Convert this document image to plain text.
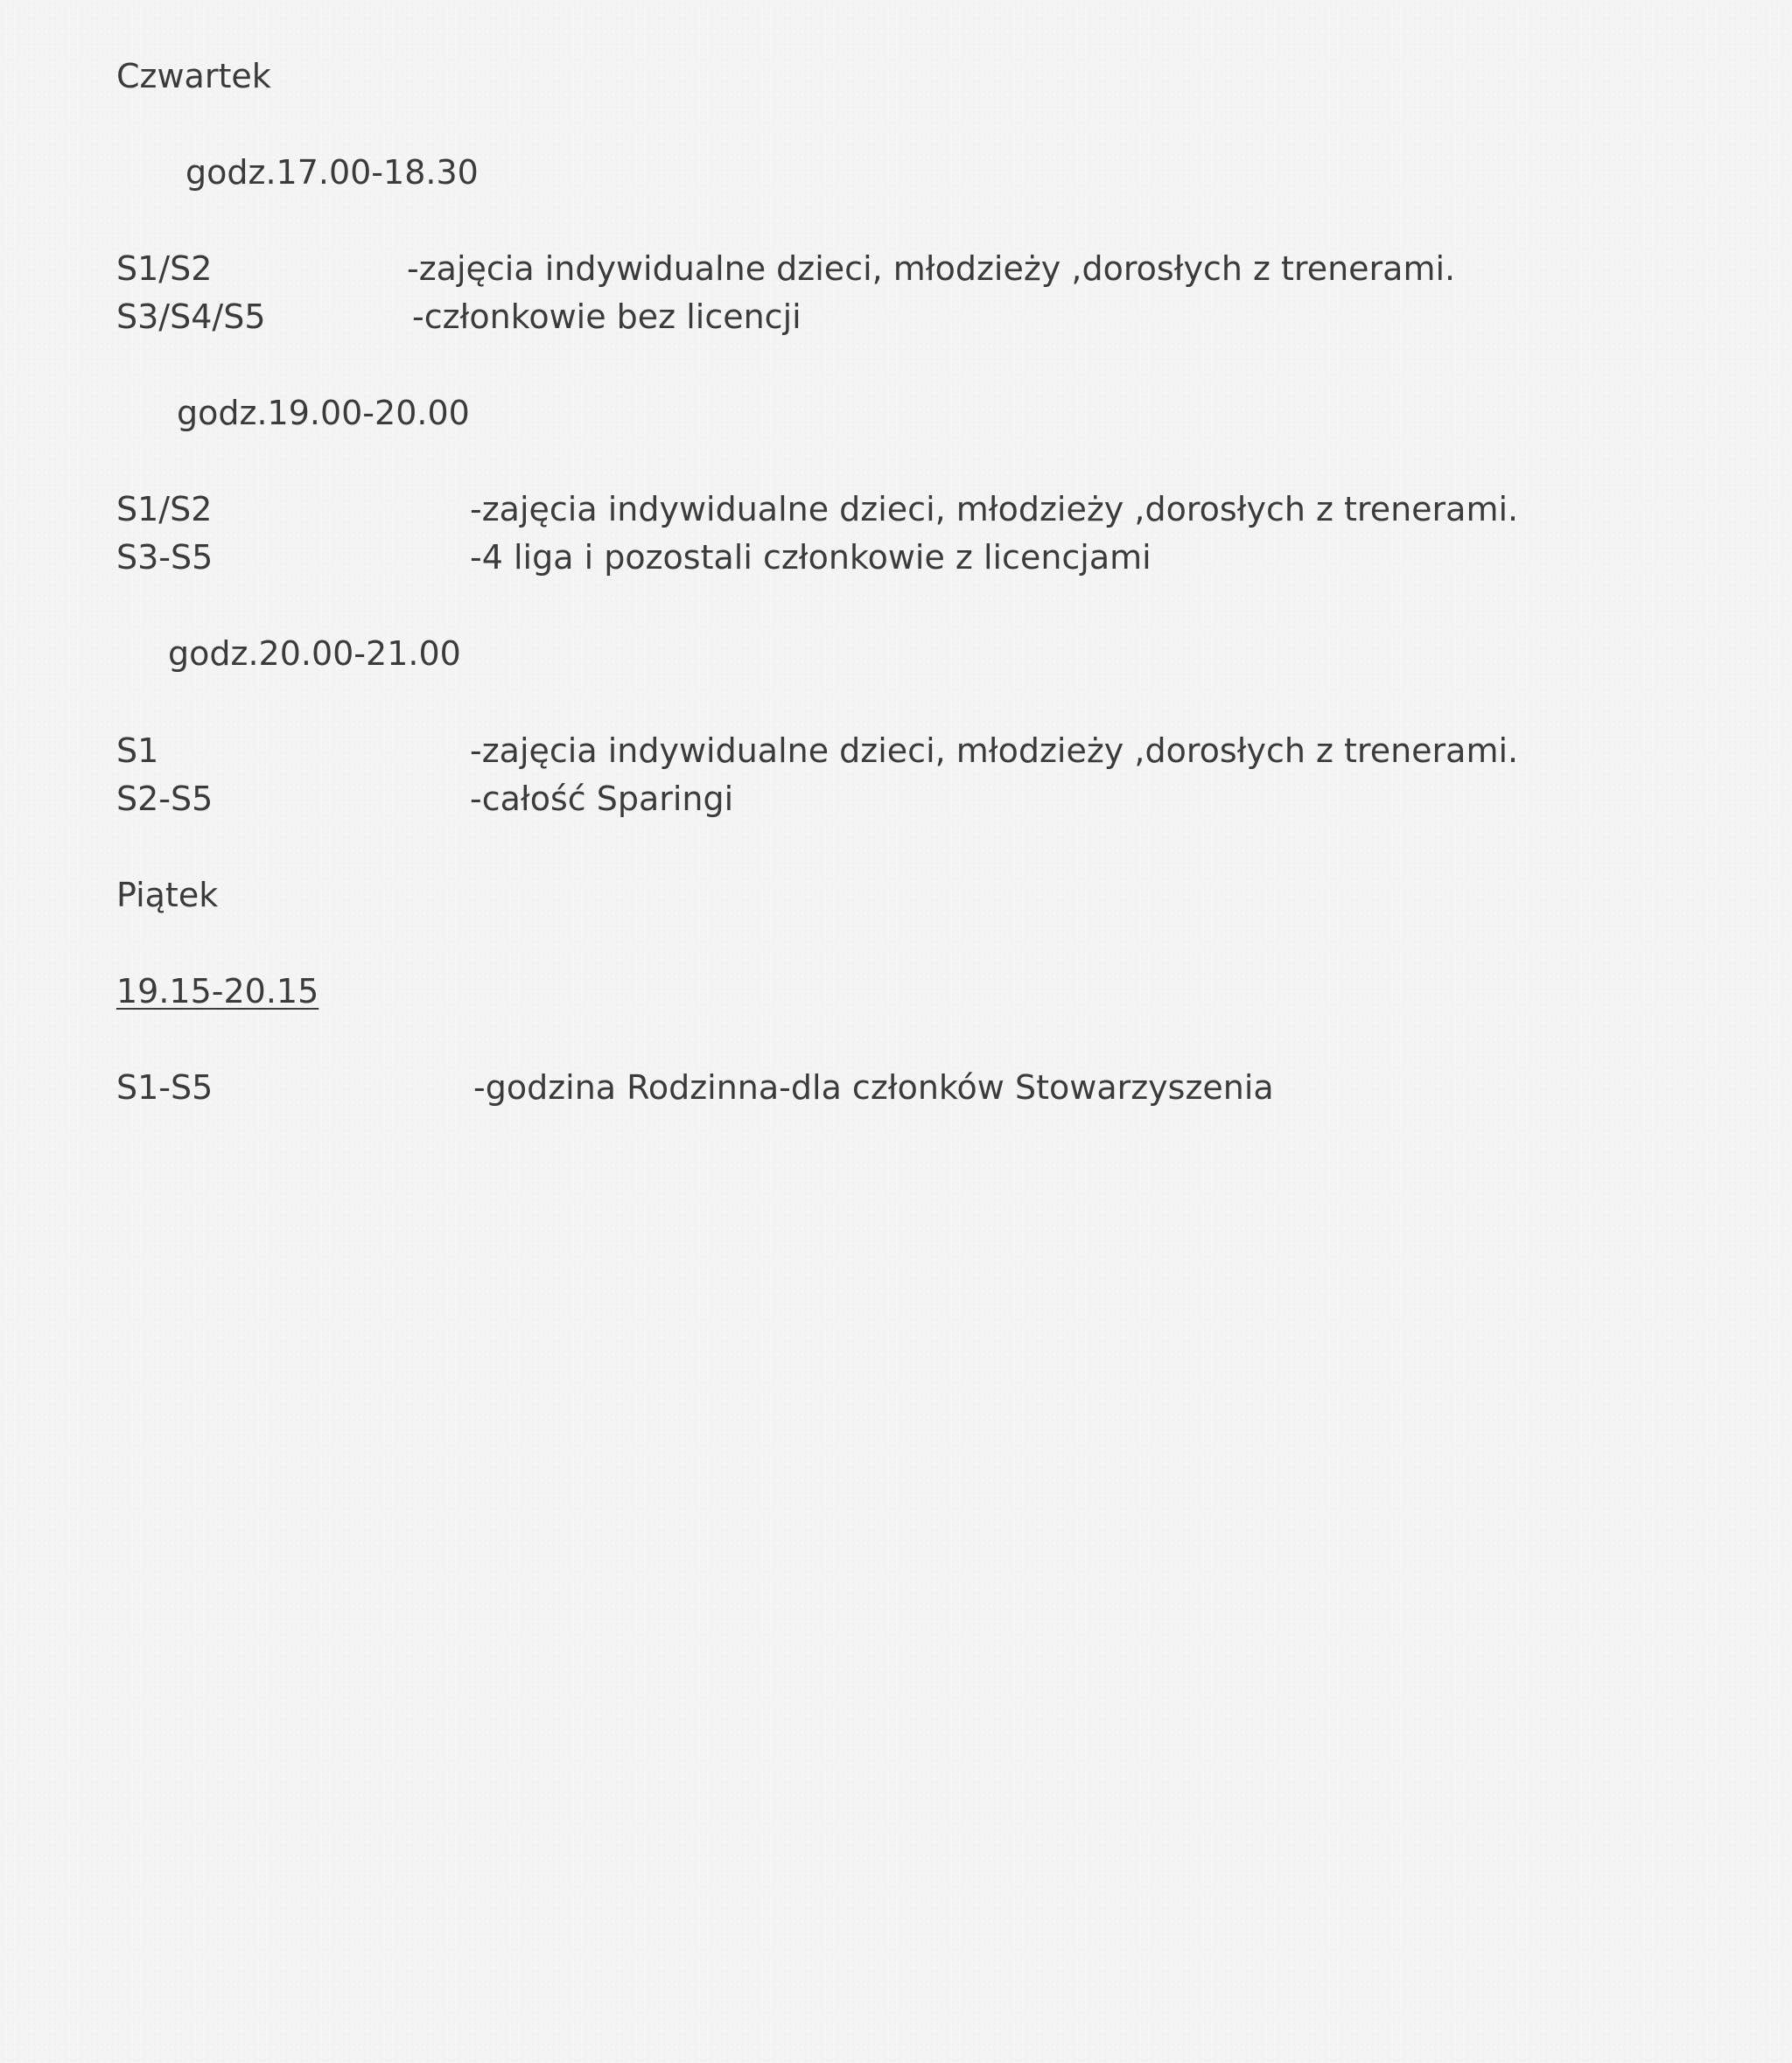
Czwartek
godz.17.00-18.30
S1/S2	-zajęcia indywidualne dzieci, młodzieży ,dorosłych z trenerami.
S3/S4/S5	-członkowie bez licencji
godz.19.00-20.00
S1/S2	-zajęcia indywidualne dzieci, młodzieży ,dorosłych z trenerami.
S3-S5	-4 liga i pozostali członkowie z licencjami
godz.20.00-21.00
S1	-zajęcia indywidualne dzieci, młodzieży ,dorosłych z trenerami.
S2-S5	-całość Sparingi
Piątek
19.15-20.15
S1-S5	-godzina Rodzinna-dla członków Stowarzyszenia
